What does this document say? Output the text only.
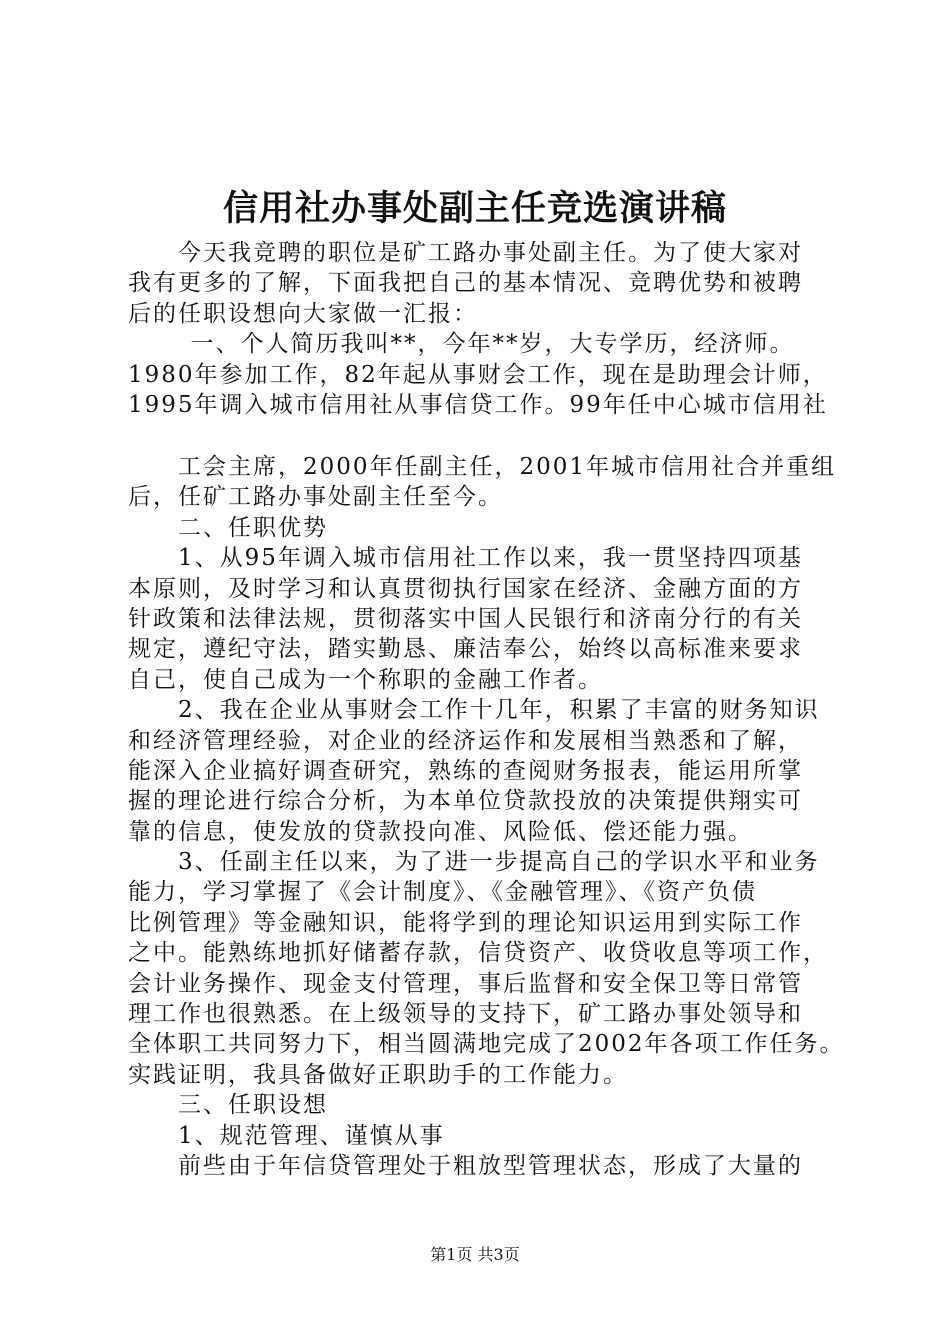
信用社办事处副主任竞选演讲稿
今天我竞聘的职位是矿工路办事处副主任。为了使大家对
我有更多的了解，下面我把自己的基本情况、竞聘优势和被聘
后的任职设想向大家做一汇报：
一、个人简历我叫**，今年**岁，大专学历，经济师。
1980年参加工作，82年起从事财会工作，现在是助理会计师，
1995年调入城市信用社从事信贷工作。99年任中心城市信用社
工会主席，2000年任副主任，2001年城市信用社合并重组
后，任矿工路办事处副主任至今。
二、任职优势
1、从95年调入城市信用社工作以来，我一贯坚持四项基
本原则，及时学习和认真贯彻执行国家在经济、金融方面的方
针政策和法律法规，贯彻落实中国人民银行和济南分行的有关
规定，遵纪守法，踏实勤恳、廉洁奉公，始终以高标准来要求
自己，使自己成为一个称职的金融工作者。
2、我在企业从事财会工作十几年，积累了丰富的财务知识
和经济管理经验，对企业的经济运作和发展相当熟悉和了解，
能深入企业搞好调查研究，熟练的查阅财务报表，能运用所掌
握的理论进行综合分析，为本单位贷款投放的决策提供翔实可
靠的信息，使发放的贷款投向准、风险低、偿还能力强。
3、任副主任以来，为了进一步提高自己的学识水平和业务
能力，学习掌握了《会计制度》、《金融管理》、《资产负债
比例管理》等金融知识，能将学到的理论知识运用到实际工作
之中。能熟练地抓好储蓄存款，信贷资产、收贷收息等项工作，
会计业务操作、现金支付管理，事后监督和安全保卫等日常管
理工作也很熟悉。在上级领导的支持下，矿工路办事处领导和
全体职工共同努力下，相当圆满地完成了2002年各项工作任务。
实践证明，我具备做好正职助手的工作能力。
三、任职设想
1、规范管理、谨慎从事
前些由于年信贷管理处于粗放型管理状态，形成了大量的
第1页 共3页
